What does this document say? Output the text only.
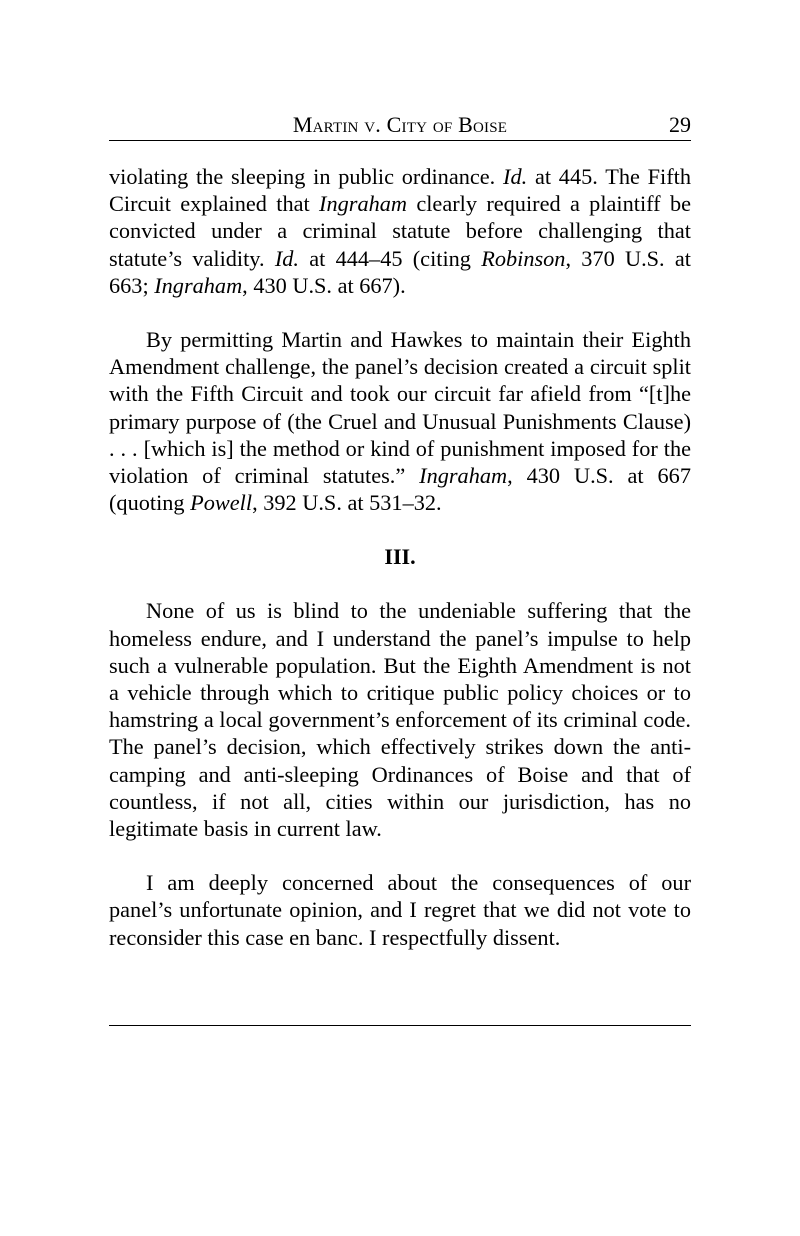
Martin v. City of Boise	29

violating the sleeping in public ordinance. Id. at 445. The Fifth Circuit explained that Ingraham clearly required a plaintiff be convicted under a criminal statute before challenging that statute’s validity. Id. at 444–45 (citing Robinson, 370 U.S. at 663; Ingraham, 430 U.S. at 667).

By permitting Martin and Hawkes to maintain their Eighth Amendment challenge, the panel’s decision created a circuit split with the Fifth Circuit and took our circuit far afield from “[t]he primary purpose of (the Cruel and Unusual Punishments Clause) . . . [which is] the method or kind of punishment imposed for the violation of criminal statutes.” Ingraham, 430 U.S. at 667 (quoting Powell, 392 U.S. at 531–32.

III.

None of us is blind to the undeniable suffering that the homeless endure, and I understand the panel’s impulse to help such a vulnerable population. But the Eighth Amendment is not a vehicle through which to critique public policy choices or to hamstring a local government’s enforcement of its criminal code. The panel’s decision, which effectively strikes down the anti-camping and anti-sleeping Ordinances of Boise and that of countless, if not all, cities within our jurisdiction, has no legitimate basis in current law.

I am deeply concerned about the consequences of our panel’s unfortunate opinion, and I regret that we did not vote to reconsider this case en banc. I respectfully dissent.
